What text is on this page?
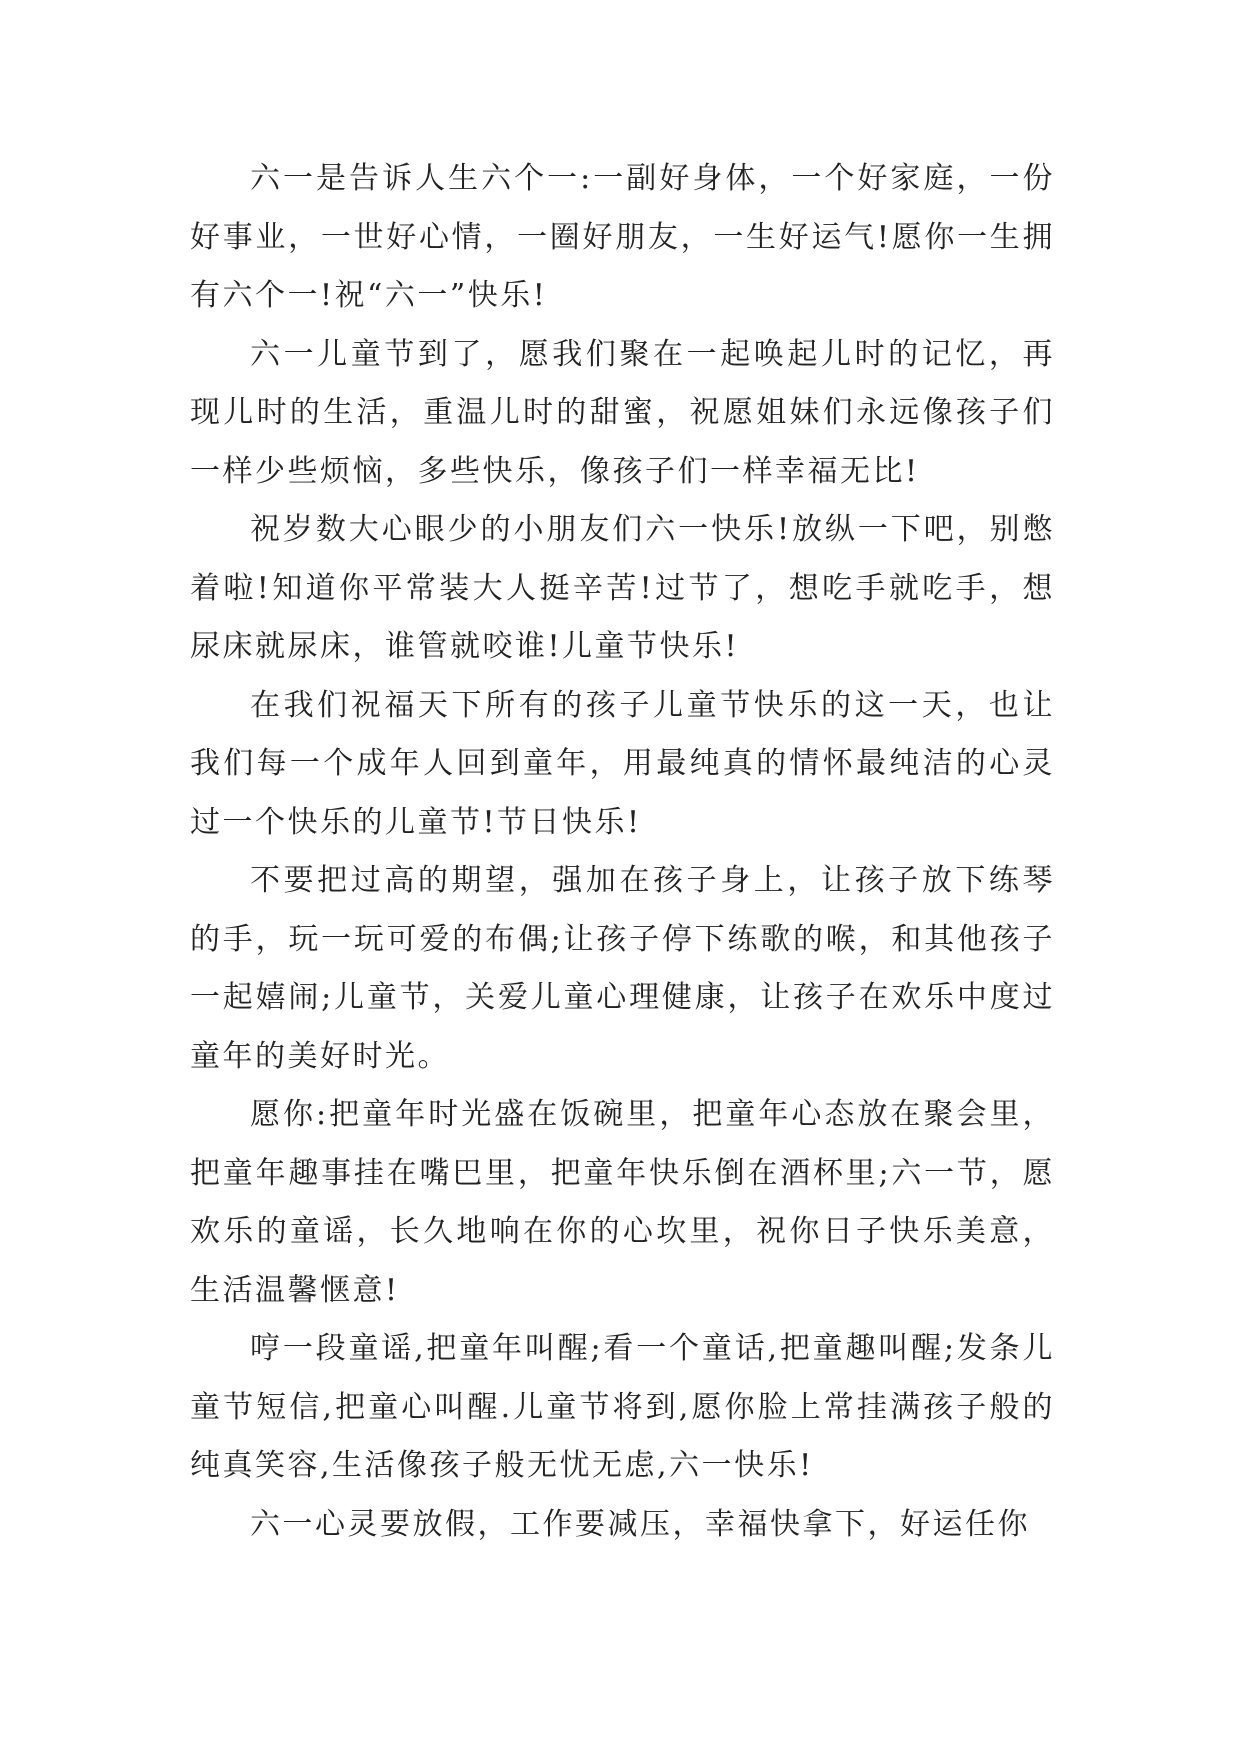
六一是告诉人生六个一:一副好身体，一个好家庭，一份好事业，一世好心情，一圈好朋友，一生好运气!愿你一生拥有六个一!祝“六一”快乐!

六一儿童节到了，愿我们聚在一起唤起儿时的记忆，再现儿时的生活，重温儿时的甜蜜，祝愿姐妹们永远像孩子们一样少些烦恼，多些快乐，像孩子们一样幸福无比!

祝岁数大心眼少的小朋友们六一快乐!放纵一下吧，别憋着啦!知道你平常装大人挺辛苦!过节了，想吃手就吃手，想尿床就尿床，谁管就咬谁!儿童节快乐!

在我们祝福天下所有的孩子儿童节快乐的这一天，也让我们每一个成年人回到童年，用最纯真的情怀最纯洁的心灵过一个快乐的儿童节!节日快乐!

不要把过高的期望，强加在孩子身上，让孩子放下练琴的手，玩一玩可爱的布偶;让孩子停下练歌的喉，和其他孩子一起嬉闹;儿童节，关爱儿童心理健康，让孩子在欢乐中度过童年的美好时光。

愿你:把童年时光盛在饭碗里，把童年心态放在聚会里，把童年趣事挂在嘴巴里，把童年快乐倒在酒杯里;六一节，愿欢乐的童谣，长久地响在你的心坎里，祝你日子快乐美意，生活温馨惬意!

哼一段童谣,把童年叫醒;看一个童话,把童趣叫醒;发条儿童节短信,把童心叫醒.儿童节将到,愿你脸上常挂满孩子般的纯真笑容,生活像孩子般无忧无虑,六一快乐!

六一心灵要放假，工作要减压，幸福快拿下，好运任你
